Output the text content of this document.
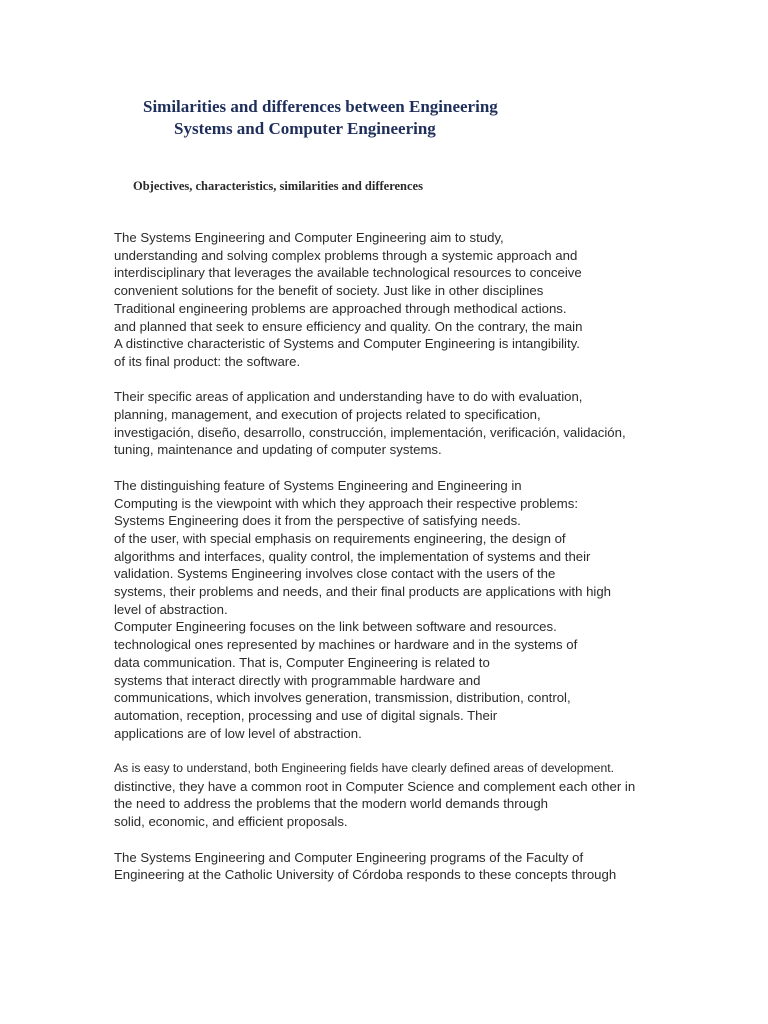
Similarities and differences between Engineering
Systems and Computer Engineering
Objectives, characteristics, similarities and differences

The Systems Engineering and Computer Engineering aim to study,
understanding and solving complex problems through a systemic approach and
interdisciplinary that leverages the available technological resources to conceive
convenient solutions for the benefit of society. Just like in other disciplines
Traditional engineering problems are approached through methodical actions.
and planned that seek to ensure efficiency and quality. On the contrary, the main
A distinctive characteristic of Systems and Computer Engineering is intangibility.
of its final product: the software.

Their specific areas of application and understanding have to do with evaluation,
planning, management, and execution of projects related to specification,
investigación, diseño, desarrollo, construcción, implementación, verificación, validación,
tuning, maintenance and updating of computer systems.

The distinguishing feature of Systems Engineering and Engineering in
Computing is the viewpoint with which they approach their respective problems:
Systems Engineering does it from the perspective of satisfying needs.
of the user, with special emphasis on requirements engineering, the design of
algorithms and interfaces, quality control, the implementation of systems and their
validation. Systems Engineering involves close contact with the users of the
systems, their problems and needs, and their final products are applications with high
level of abstraction.
Computer Engineering focuses on the link between software and resources.
technological ones represented by machines or hardware and in the systems of
data communication. That is, Computer Engineering is related to
systems that interact directly with programmable hardware and
communications, which involves generation, transmission, distribution, control,
automation, reception, processing and use of digital signals. Their
applications are of low level of abstraction.

As is easy to understand, both Engineering fields have clearly defined areas of development.
distinctive, they have a common root in Computer Science and complement each other in
the need to address the problems that the modern world demands through
solid, economic, and efficient proposals.

The Systems Engineering and Computer Engineering programs of the Faculty of
Engineering at the Catholic University of Córdoba responds to these concepts through
